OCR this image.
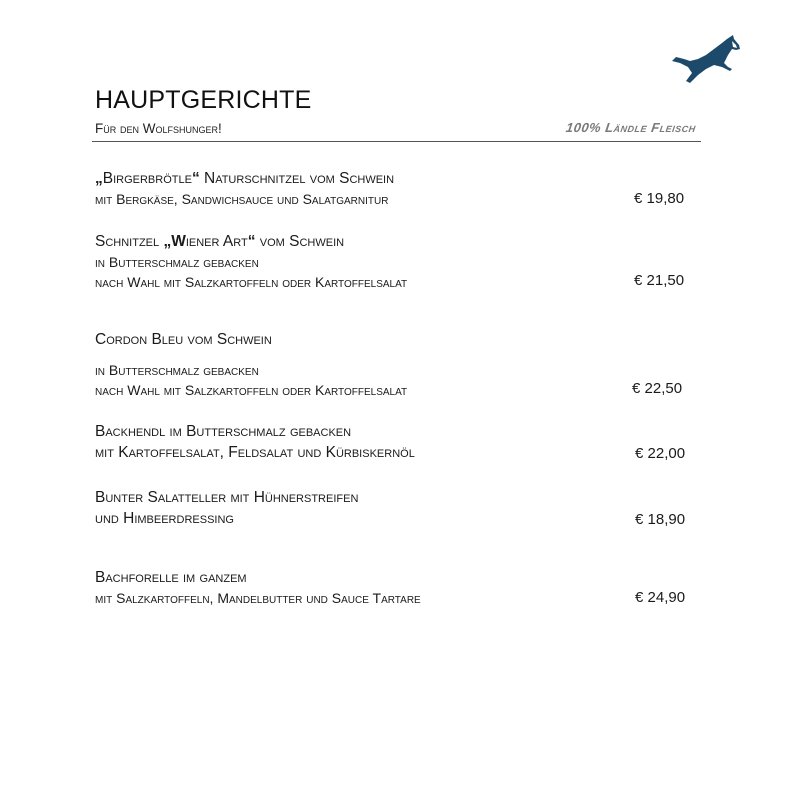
HAUPTGERICHTE
Für den Wolfshunger!	100% Ländle Fleisch
„Birgerbrötle“ Naturschnitzel vom Schwein
mit Bergkäse, Sandwichsauce und Salatgarnitur	€ 19,80
Schnitzel „Wiener Art“ vom Schwein
in Butterschmalz gebacken
nach Wahl mit Salzkartoffeln oder Kartoffelsalat	€ 21,50
Cordon Bleu vom Schwein
in Butterschmalz gebacken
nach Wahl mit Salzkartoffeln oder Kartoffelsalat	€ 22,50
Backhendl im Butterschmalz gebacken
mit Kartoffelsalat, Feldsalat und Kürbiskernöl	€ 22,00
Bunter Salatteller mit Hühnerstreifen
und Himbeerdressing	€ 18,90
Bachforelle im ganzem
mit Salzkartoffeln, Mandelbutter und Sauce Tartare	€ 24,90
